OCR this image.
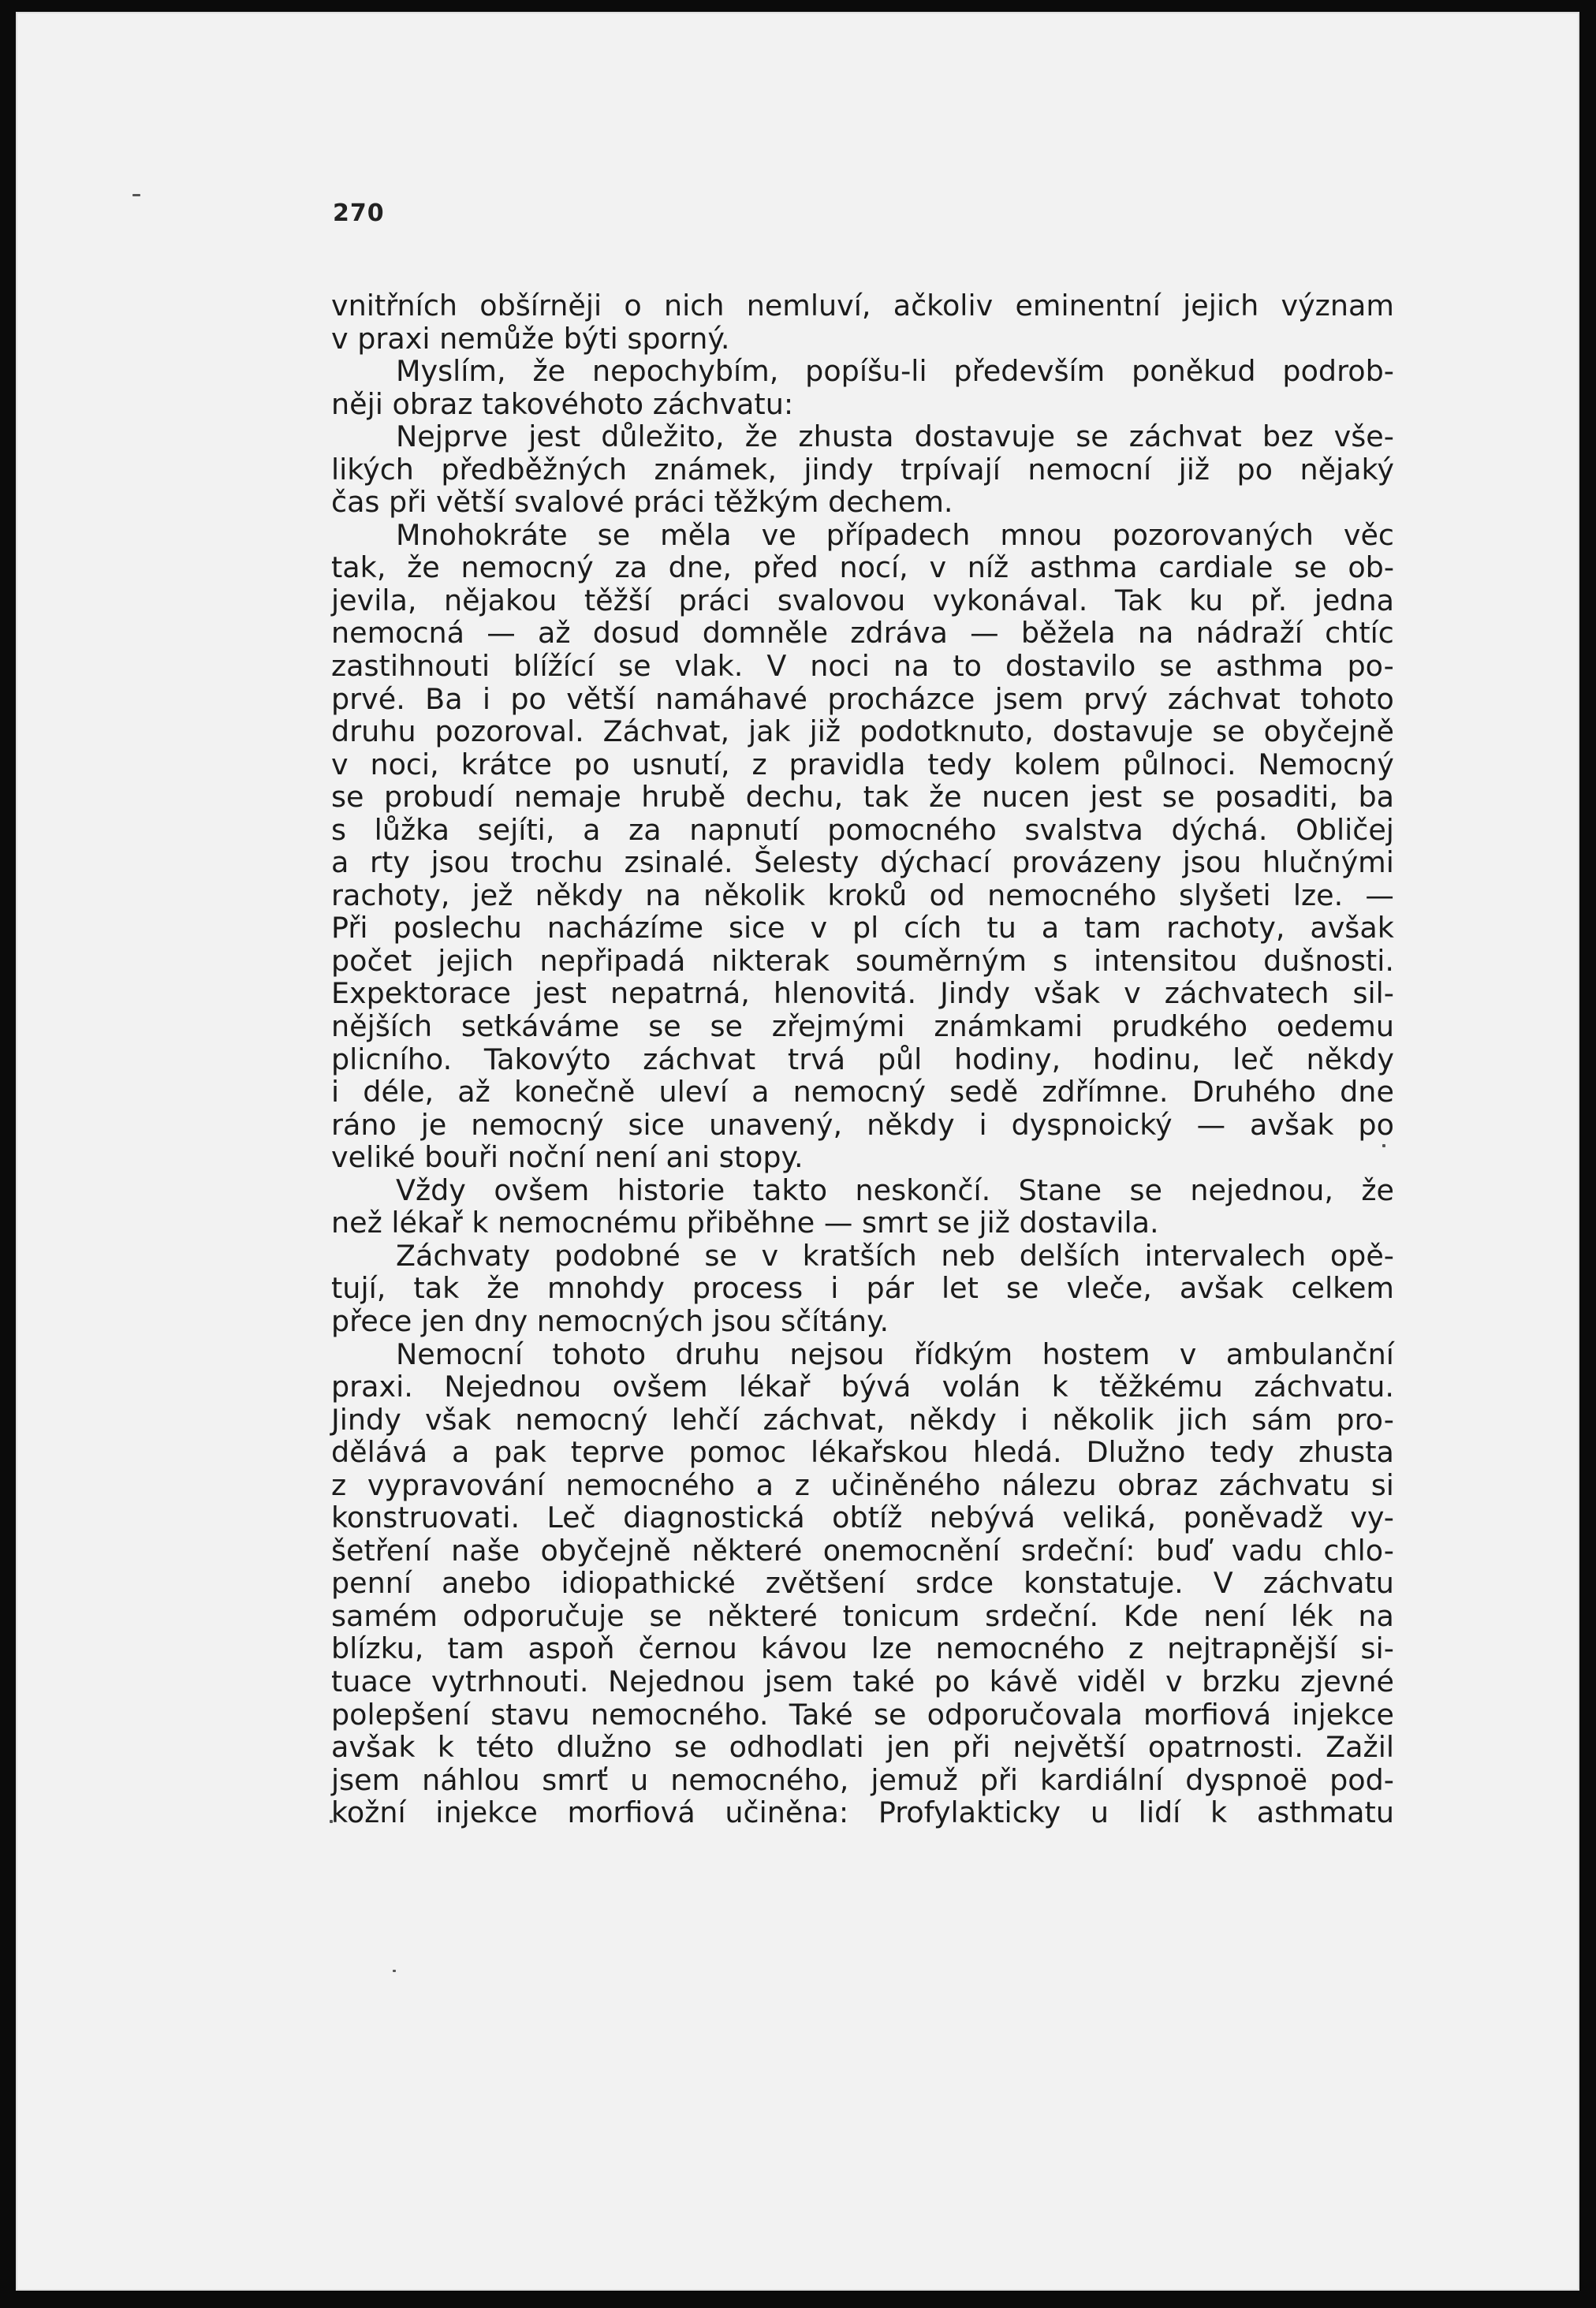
270
vnitřních obšírněji o nich nemluví, ačkoliv eminentní jejich význam
v praxi nemůže býti sporný.
Myslím, že nepochybím, popíšu-li především poněkud podrob-
něji obraz takovéhoto záchvatu:
Nejprve jest důležito, že zhusta dostavuje se záchvat bez vše-
likých předběžných známek, jindy trpívají nemocní již po nějaký
čas při větší svalové práci těžkým dechem.
Mnohokráte se měla ve případech mnou pozorovaných věc
tak, že nemocný za dne, před nocí, v níž asthma cardiale se ob-
jevila, nějakou těžší práci svalovou vykonával. Tak ku př. jedna
nemocná — až dosud domněle zdráva — běžela na nádraží chtíc
zastihnouti blížící se vlak. V noci na to dostavilo se asthma po-
prvé. Ba i po větší namáhavé procházce jsem prvý záchvat tohoto
druhu pozoroval. Záchvat, jak již podotknuto, dostavuje se obyčejně
v noci, krátce po usnutí, z pravidla tedy kolem půlnoci. Nemocný
se probudí nemaje hrubě dechu, tak že nucen jest se posaditi, ba
s lůžka sejíti, a za napnutí pomocného svalstva dýchá. Obličej
a rty jsou trochu zsinalé. Šelesty dýchací provázeny jsou hlučnými
rachoty, jež někdy na několik kroků od nemocného slyšeti lze. —
Při poslechu nacházíme sice v pl cích tu a tam rachoty, avšak
počet jejich nepřipadá nikterak souměrným s intensitou dušnosti.
Expektorace jest nepatrná, hlenovitá. Jindy však v záchvatech sil-
nějších setkáváme se se zřejmými známkami prudkého oedemu
plicního. Takovýto záchvat trvá půl hodiny, hodinu, leč někdy
i déle, až konečně uleví a nemocný sedě zdřímne. Druhého dne
ráno je nemocný sice unavený, někdy i dyspnoický — avšak po
veliké bouři noční není ani stopy.
Vždy ovšem historie takto neskončí. Stane se nejednou, že
než lékař k nemocnému přiběhne — smrt se již dostavila.
Záchvaty podobné se v kratších neb delších intervalech opě-
tují, tak že mnohdy process i pár let se vleče, avšak celkem
přece jen dny nemocných jsou sčítány.
Nemocní tohoto druhu nejsou řídkým hostem v ambulanční
praxi. Nejednou ovšem lékař bývá volán k těžkému záchvatu.
Jindy však nemocný lehčí záchvat, někdy i několik jich sám pro-
dělává a pak teprve pomoc lékařskou hledá. Dlužno tedy zhusta
z vypravování nemocného a z učiněného nálezu obraz záchvatu si
konstruovati. Leč diagnostická obtíž nebývá veliká, poněvadž vy-
šetření naše obyčejně některé onemocnění srdeční: buď vadu chlo-
penní anebo idiopathické zvětšení srdce konstatuje. V záchvatu
samém odporučuje se některé tonicum srdeční. Kde není lék na
blízku, tam aspoň černou kávou lze nemocného z nejtrapnější si-
tuace vytrhnouti. Nejednou jsem také po kávě viděl v brzku zjevné
polepšení stavu nemocného. Také se odporučovala morfiová injekce
avšak k této dlužno se odhodlati jen při největší opatrnosti. Zažil
jsem náhlou smrť u nemocného, jemuž při kardiální dyspnoë pod-
kožní injekce morfiová učiněna: Profylakticky u lidí k asthmatu
